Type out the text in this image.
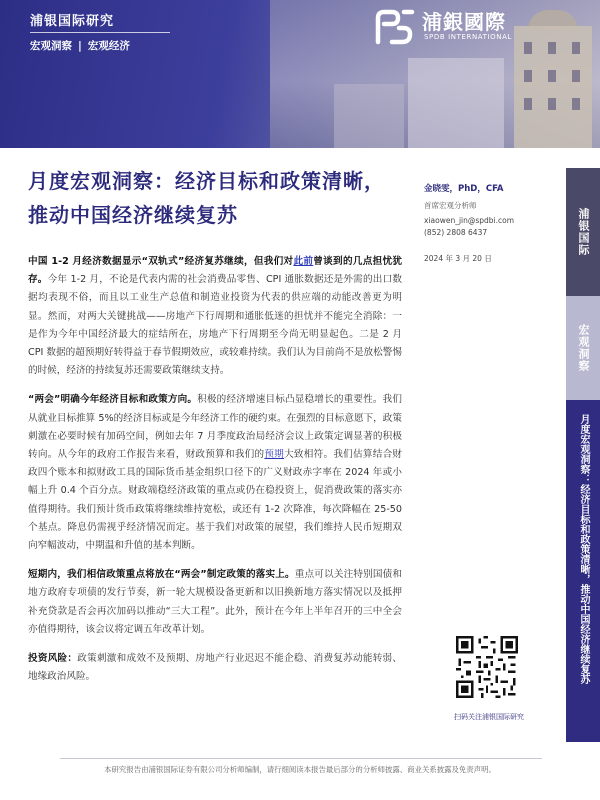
浦银国际研究
宏观洞察 | 宏观经济
浦銀國際
SPDB INTERNATIONAL
月度宏观洞察：经济目标和政策清晰，推动中国经济继续复苏
金晓雯，PhD，CFA
首席宏观分析师
xiaowen_jin@spdbi.com
(852) 2808 6437
2024 年 3 月 20 日

中国 1-2 月经济数据显示“双轨式”经济复苏继续，但我们对此前曾谈到的几点担忧犹存。今年 1-2 月，不论是代表内需的社会消费品零售、CPI 通胀数据还是外需的出口数据均表现不俗，而且以工业生产总值和制造业投资为代表的供应端的动能改善更为明显。然而，对两大关键挑战——房地产下行周期和通胀低迷的担忧并不能完全消除：一是作为今年中国经济最大的症结所在，房地产下行周期至今尚无明显起色。二是 2 月 CPI 数据的超预期好转得益于春节假期效应，或较难持续。我们认为目前尚不是放松警惕的时候，经济的持续复苏还需要政策继续支持。

“两会”明确今年经济目标和政策方向。积极的经济增速目标凸显稳增长的重要性。我们从就业目标推算 5%的经济目标或是今年经济工作的硬约束。在强烈的目标意愿下，政策刺激在必要时候有加码空间，例如去年 7 月季度政治局经济会议上政策定调显著的积极转向。从今年的政府工作报告来看，财政预算和我们的预期大致相符。我们估算结合财政四个账本和拟财政工具的国际货币基金组织口径下的广义财政赤字率在 2024 年或小幅上升 0.4 个百分点。财政端稳经济政策的重点或仍在稳投资上，促消费政策的落实亦值得期待。我们预计货币政策将继续维持宽松，或还有 1-2 次降准，每次降幅在 25-50 个基点。降息仍需视乎经济情况而定。基于我们对政策的展望，我们维持人民币短期双向窄幅波动，中期温和升值的基本判断。

短期内，我们相信政策重点将放在“两会”制定政策的落实上。重点可以关注特别国债和地方政府专项债的发行节奏，新一轮大规模设备更新和以旧换新地方落实情况以及抵押补充贷款是否会再次加码以推动“三大工程”。此外，预计在今年上半年召开的三中全会亦值得期待，该会议将定调五年改革计划。

投资风险：政策刺激和成效不及预期、房地产行业迟迟不能企稳、消费复苏动能转弱、地缘政治风险。

扫码关注浦银国际研究
浦银国际
宏观洞察
月度宏观洞察：经济目标和政策清晰，推动中国经济继续复苏
本研究报告由浦银国际证券有限公司分析师编制，请行细阅读本报告最后部分的分析师披露、商业关系披露及免责声明。
